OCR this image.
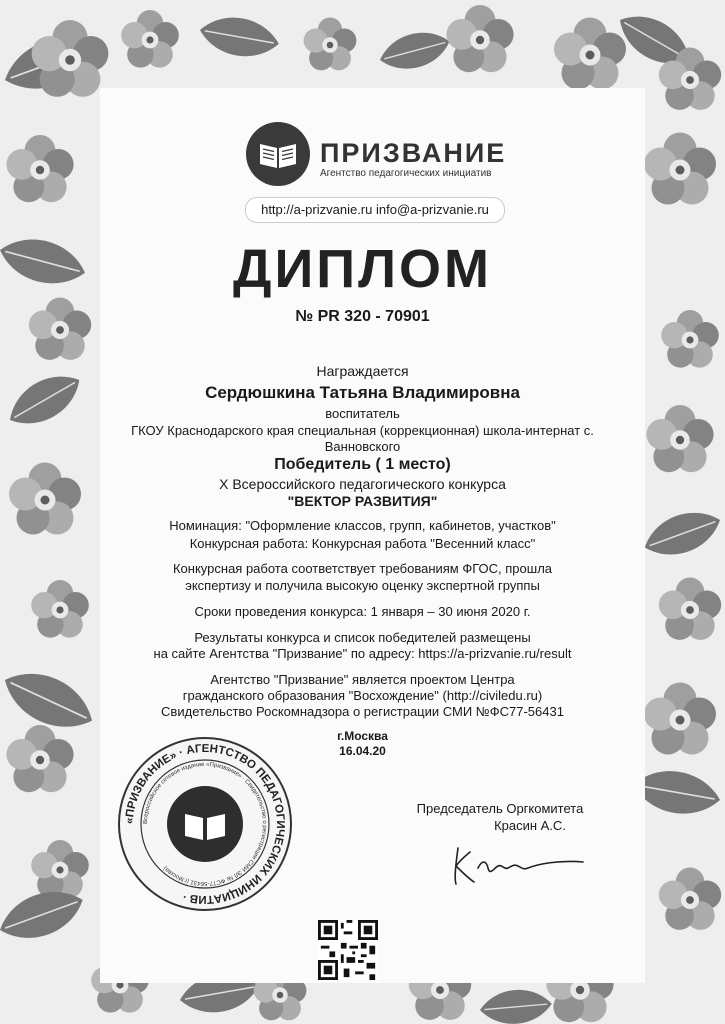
ПРИЗВАНИЕ
Агентство педагогических инициатив
http://a-prizvanie.ru info@a-prizvanie.ru
ДИПЛОМ
№ PR 320 - 70901
Награждается
Сердюшкина Татьяна Владимировна
воспитатель
ГКОУ Краснодарского края специальная (коррекционная) школа-интернат с.
Ванновского
Победитель ( 1 место)
X Всероссийского педагогического конкурса
"ВЕКТОР РАЗВИТИЯ"
Номинация: "Оформление классов, групп, кабинетов, участков"
Конкурсная работа: Конкурсная работа "Весенний класс"
Конкурсная работа соответствует требованиям ФГОС, прошла
экспертизу и получила высокую оценку экспертной группы
Сроки проведения конкурса: 1 января – 30 июня 2020 г.
Результаты конкурса и список победителей размещены
на сайте Агентства "Призвание" по адресу: https://a-prizvanie.ru/result
Агентство "Призвание" является проектом Центра
гражданского образования "Восхождение" (http://civiledu.ru)
Свидетельство Роскомнадзора о регистрации СМИ №ФС77-56431
г.Москва
16.04.20
«ПРИЗВАНИЕ» · АГЕНТСТВО ПЕДАГОГИЧЕСКИХ ИНИЦИАТИВ ·
Всероссийское сетевое издание «Призвание» · Свидетельство о регистрации СМИ ЭЛ № ФС77-56431 (г.Москва)
Председатель Оргкомитета
Красин А.С.
